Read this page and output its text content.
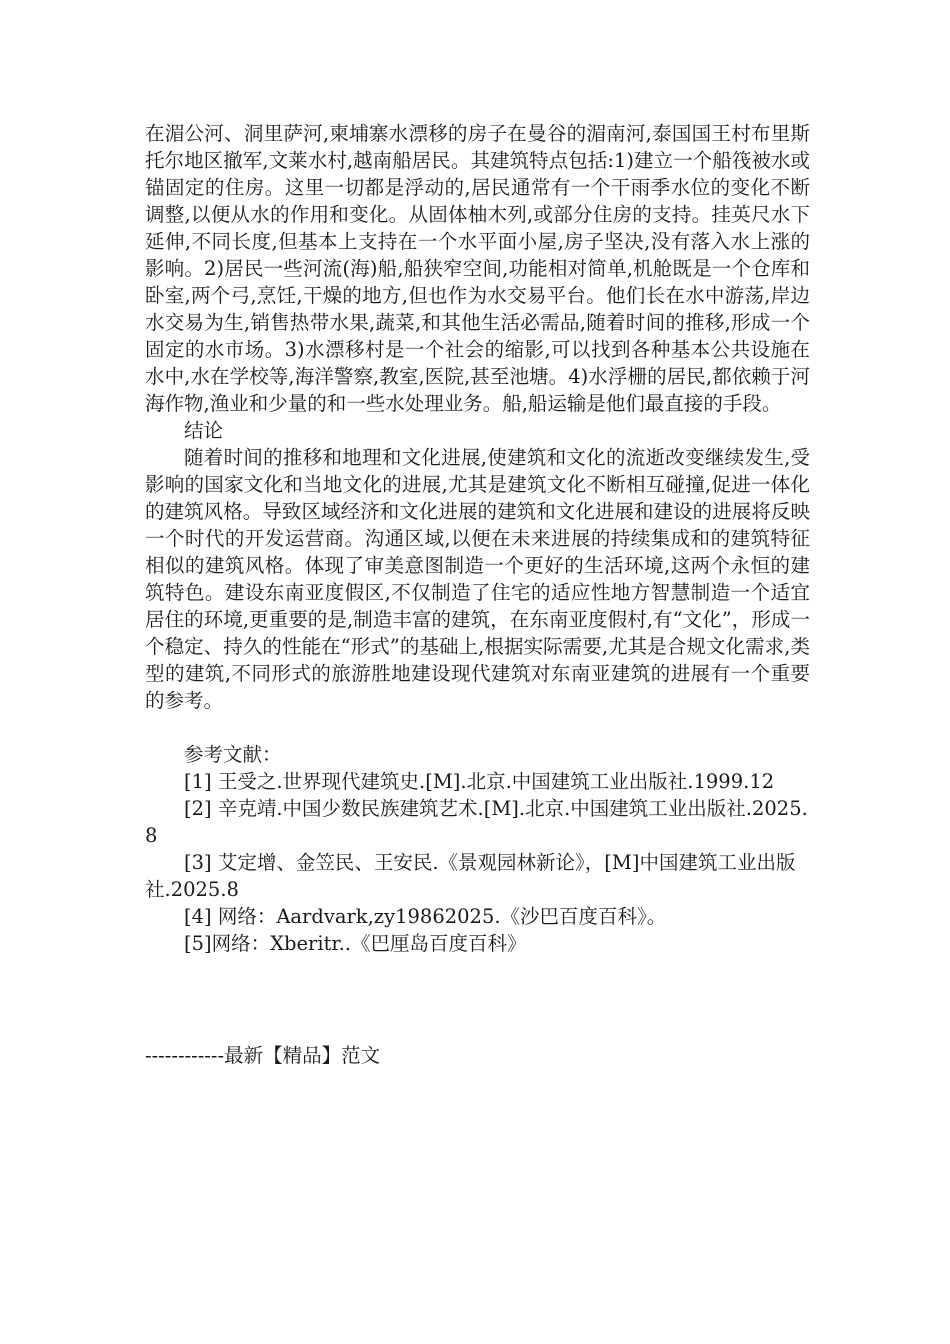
在湄公河、洞里萨河,柬埔寨水漂移的房子在曼谷的湄南河,泰国国王村布里斯托尔地区撤军,文莱水村,越南船居民。其建筑特点包括:1)建立一个船筏被水或锚固定的住房。这里一切都是浮动的,居民通常有一个干雨季水位的变化不断调整,以便从水的作用和变化。从固体柚木列,或部分住房的支持。挂英尺水下延伸,不同长度,但基本上支持在一个水平面小屋,房子坚决,没有落入水上涨的影响。2)居民一些河流(海)船,船狭窄空间,功能相对简单,机舱既是一个仓库和卧室,两个弓,烹饪,干燥的地方,但也作为水交易平台。他们长在水中游荡,岸边水交易为生,销售热带水果,蔬菜,和其他生活必需品,随着时间的推移,形成一个固定的水市场。3)水漂移村是一个社会的缩影,可以找到各种基本公共设施在水中,水在学校等,海洋警察,教室,医院,甚至池塘。4)水浮栅的居民,都依赖于河海作物,渔业和少量的和一些水处理业务。船,船运输是他们最直接的手段。

结论

随着时间的推移和地理和文化进展,使建筑和文化的流逝改变继续发生,受影响的国家文化和当地文化的进展,尤其是建筑文化不断相互碰撞,促进一体化的建筑风格。导致区域经济和文化进展的建筑和文化进展和建设的进展将反映一个时代的开发运营商。沟通区域,以便在未来进展的持续集成和的建筑特征相似的建筑风格。体现了审美意图制造一个更好的生活环境,这两个永恒的建筑特色。建设东南亚度假区,不仅制造了住宅的适应性地方智慧制造一个适宜居住的环境,更重要的是,制造丰富的建筑，在东南亚度假村,有“文化”，形成一个稳定、持久的性能在“形式”的基础上,根据实际需要,尤其是合规文化需求,类型的建筑,不同形式的旅游胜地建设现代建筑对东南亚建筑的进展有一个重要的参考。

参考文献：

[1] 王受之.世界现代建筑史.[M].北京.中国建筑工业出版社.1999.12
[2] 辛克靖.中国少数民族建筑艺术.[M].北京.中国建筑工业出版社.2025.8
[3] 艾定增、金笠民、王安民.《景观园林新论》，[M]中国建筑工业出版社.2025.8
[4] 网络：Aardvark,zy19862025.《沙巴百度百科》。
[5]网络：Xberitr..《巴厘岛百度百科》
------------最新【精品】范文
